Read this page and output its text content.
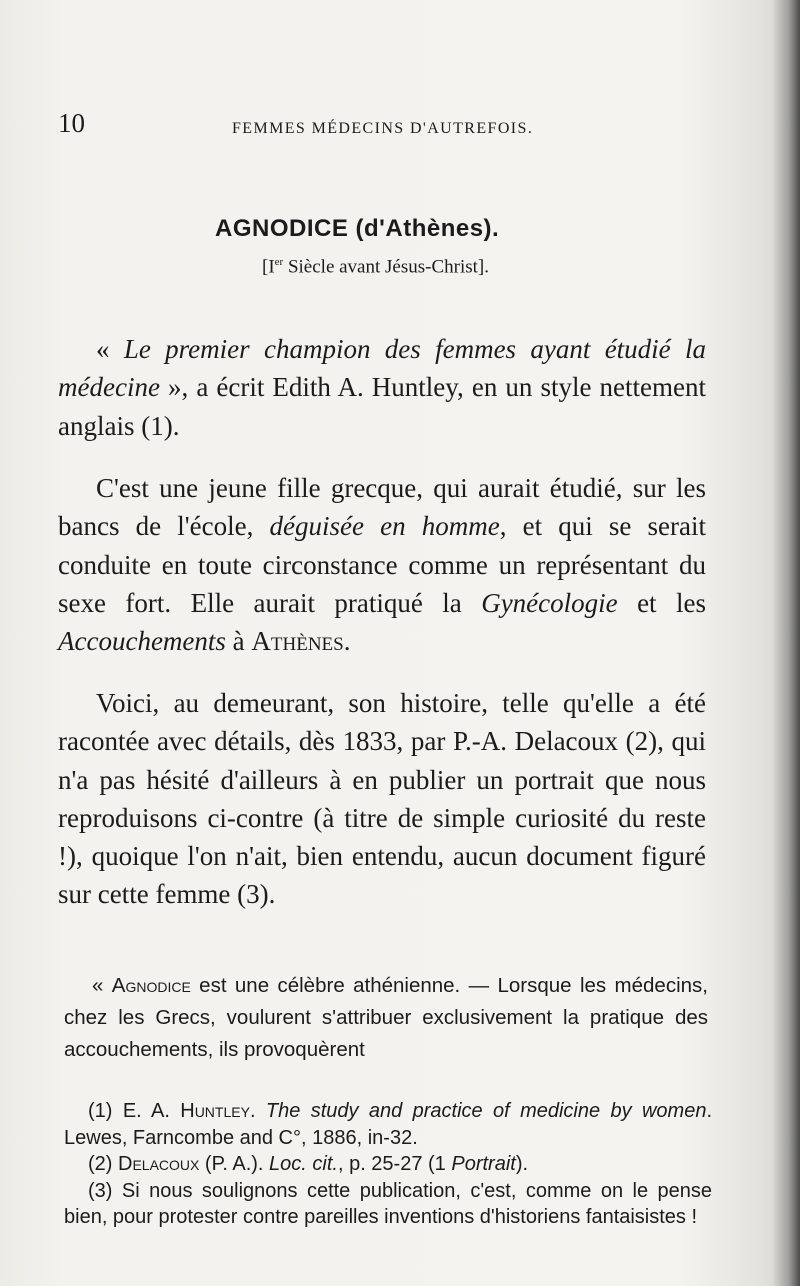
10	FEMMES MÉDECINS D'AUTREFOIS.
AGNODICE (d'Athènes).
[Ier Siècle avant Jésus-Christ].

« Le premier champion des femmes ayant étudié la médecine », a écrit Edith A. Huntley, en un style nettement anglais (1).

C'est une jeune fille grecque, qui aurait étudié, sur les bancs de l'école, déguisée en homme, et qui se serait conduite en toute circonstance comme un représentant du sexe fort. Elle aurait pratiqué la Gynécologie et les Accouchements à Athènes.

Voici, au demeurant, son histoire, telle qu'elle a été racontée avec détails, dès 1833, par P.-A. Delacoux (2), qui n'a pas hésité d'ailleurs à en publier un portrait que nous reproduisons ci-contre (à titre de simple curiosité du reste !), quoique l'on n'ait, bien entendu, aucun document figuré sur cette femme (3).

« Agnodice est une célèbre athénienne. — Lorsque les médecins, chez les Grecs, voulurent s'attribuer exclusivement la pratique des accouchements, ils provoquèrent

(1) E. A. Huntley. The study and practice of medicine by women. Lewes, Farncombe and C°, 1886, in-32.

(2) Delacoux (P. A.). Loc. cit., p. 25-27 (1 Portrait).

(3) Si nous soulignons cette publication, c'est, comme on le pense bien, pour protester contre pareilles inventions d'historiens fantaisistes !
